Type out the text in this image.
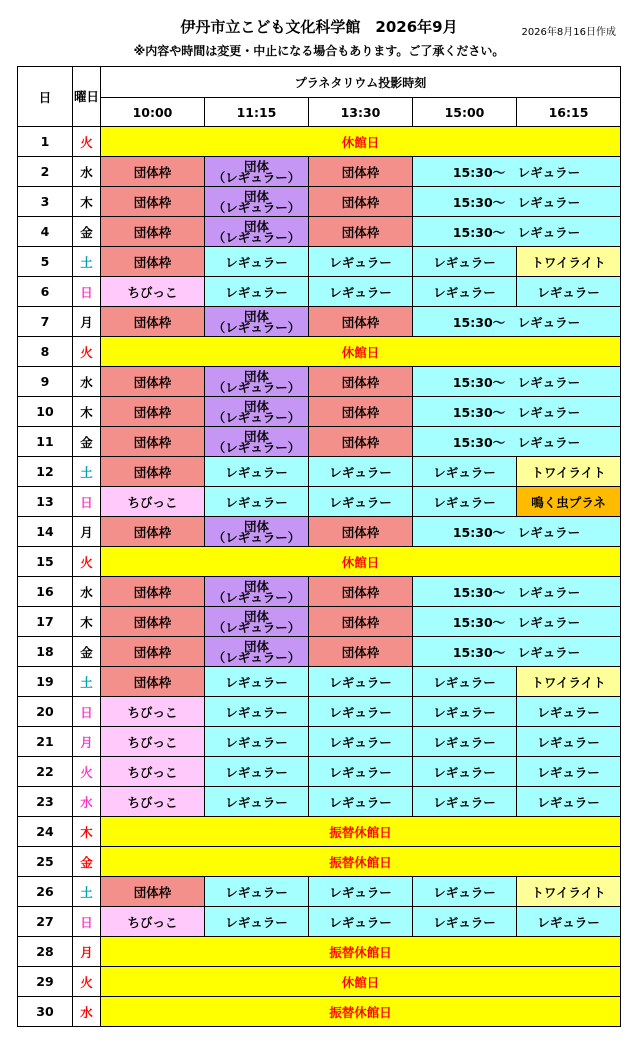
伊丹市立こども文化科学館　2026年9月	2026年8月16日作成
※内容や時間は変更・中止になる場合もあります。ご了承ください。
日	曜日	プラネタリウム投影時刻				
		10:00	11:15	13:30	15:00	16:15
1	火	休館日				
2	水	団体枠	団体
（レギュラー）	団体枠	15:30～　レギュラー	
3	木	団体枠	団体
（レギュラー）	団体枠	15:30～　レギュラー	
4	金	団体枠	団体
（レギュラー）	団体枠	15:30～　レギュラー	
5	土	団体枠	レギュラー	レギュラー	レギュラー	トワイライト
6	日	ちびっこ	レギュラー	レギュラー	レギュラー	レギュラー
7	月	団体枠	団体
（レギュラー）	団体枠	15:30～　レギュラー	
8	火	休館日				
9	水	団体枠	団体
（レギュラー）	団体枠	15:30～　レギュラー	
10	木	団体枠	団体
（レギュラー）	団体枠	15:30～　レギュラー	
11	金	団体枠	団体
（レギュラー）	団体枠	15:30～　レギュラー	
12	土	団体枠	レギュラー	レギュラー	レギュラー	トワイライト
13	日	ちびっこ	レギュラー	レギュラー	レギュラー	鳴く虫プラネ
14	月	団体枠	団体
（レギュラー）	団体枠	15:30～　レギュラー	
15	火	休館日				
16	水	団体枠	団体
（レギュラー）	団体枠	15:30～　レギュラー	
17	木	団体枠	団体
（レギュラー）	団体枠	15:30～　レギュラー	
18	金	団体枠	団体
（レギュラー）	団体枠	15:30～　レギュラー	
19	土	団体枠	レギュラー	レギュラー	レギュラー	トワイライト
20	日	ちびっこ	レギュラー	レギュラー	レギュラー	レギュラー
21	月	ちびっこ	レギュラー	レギュラー	レギュラー	レギュラー
22	火	ちびっこ	レギュラー	レギュラー	レギュラー	レギュラー
23	水	ちびっこ	レギュラー	レギュラー	レギュラー	レギュラー
24	木	振替休館日				
25	金	振替休館日				
26	土	団体枠	レギュラー	レギュラー	レギュラー	トワイライト
27	日	ちびっこ	レギュラー	レギュラー	レギュラー	レギュラー
28	月	振替休館日				
29	火	休館日				
30	水	振替休館日				
